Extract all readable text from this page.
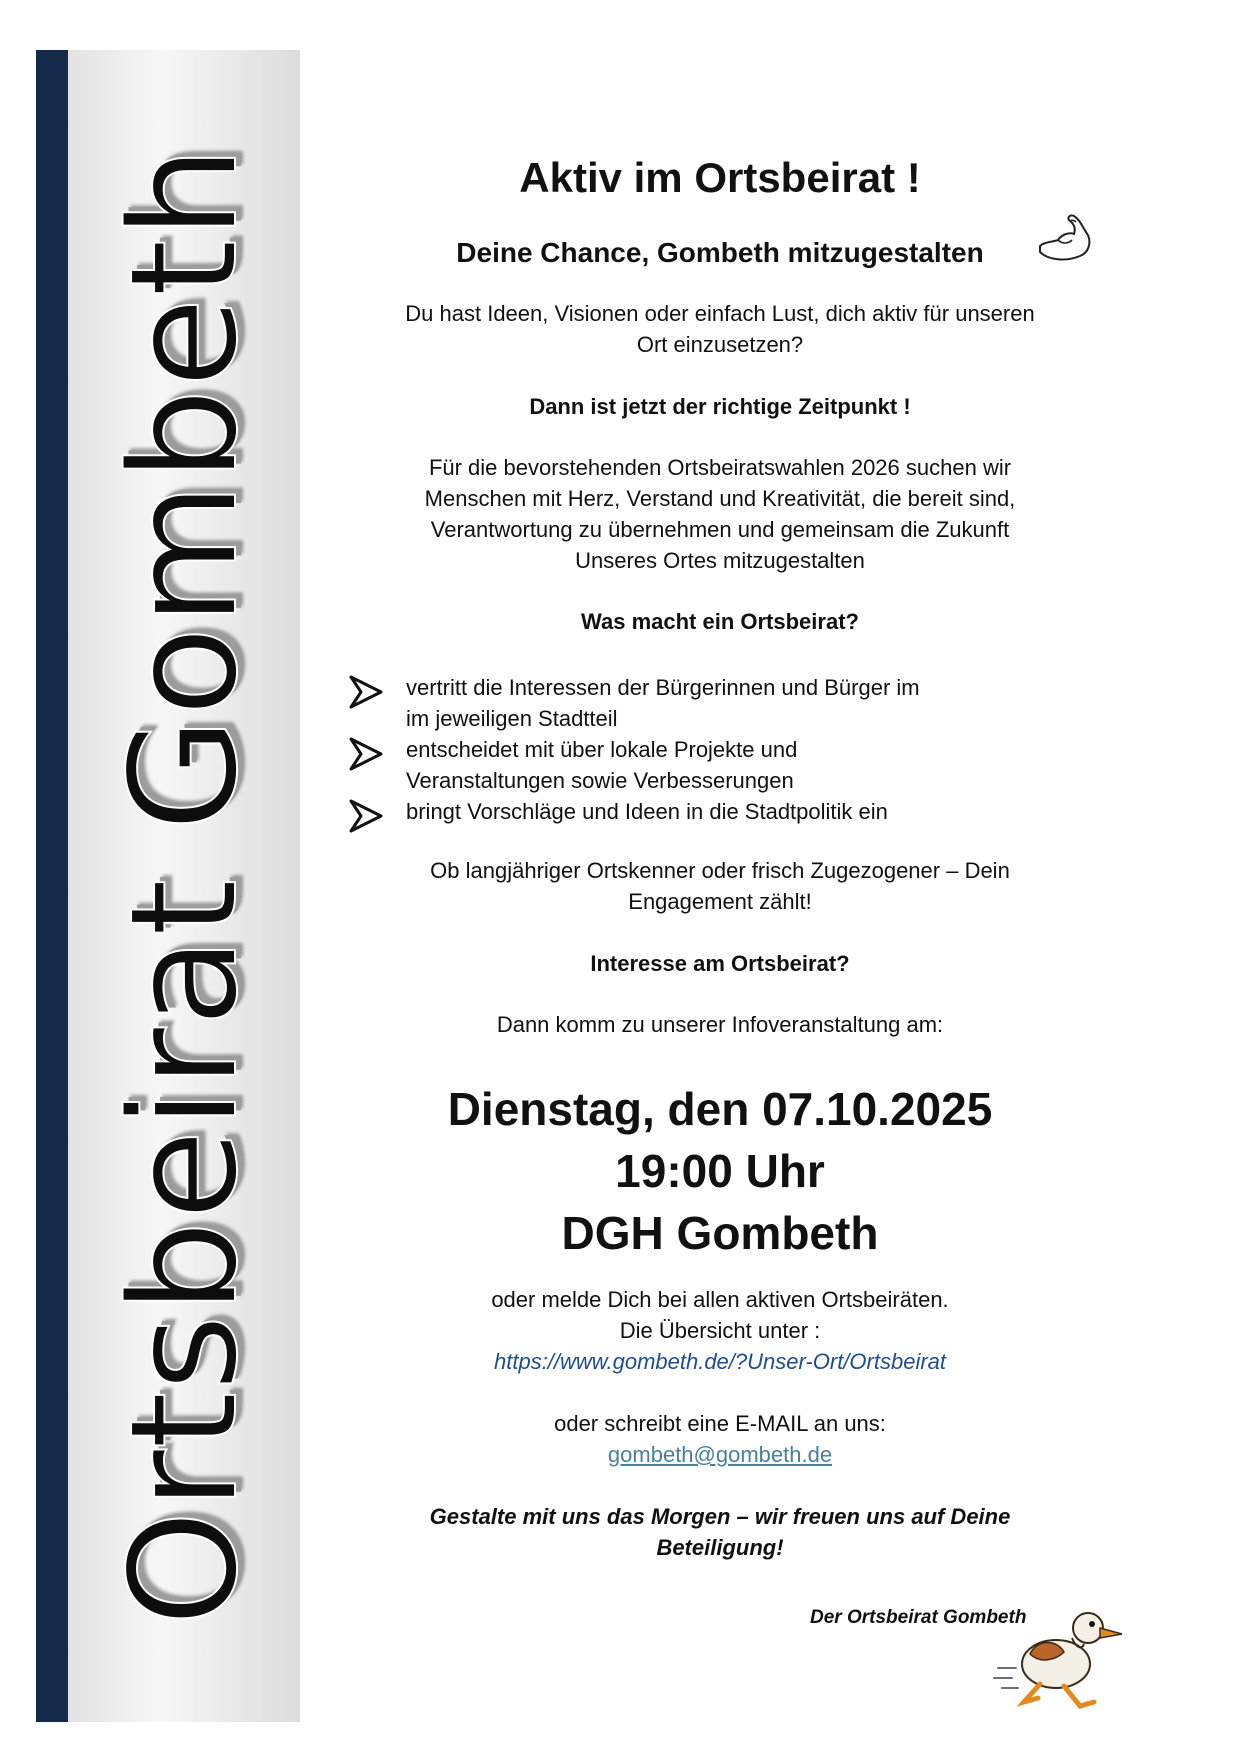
Ortsbeirat Gombeth	Aktiv im Ortsbeirat !
Deine Chance, Gombeth mitzugestalten
Du hast Ideen, Visionen oder einfach Lust, dich aktiv für unseren
Ort einzusetzen?
Dann ist jetzt der richtige Zeitpunkt !
Für die bevorstehenden Ortsbeiratswahlen 2026 suchen wir
Menschen mit Herz, Verstand und Kreativität, die bereit sind,
Verantwortung zu übernehmen und gemeinsam die Zukunft
Unseres Ortes mitzugestalten
Was macht ein Ortsbeirat?
vertritt die Interessen der Bürgerinnen und Bürger im
im jeweiligen Stadtteil
entscheidet mit über lokale Projekte und
Veranstaltungen sowie Verbesserungen
bringt Vorschläge und Ideen in die Stadtpolitik ein
Ob langjähriger Ortskenner oder frisch Zugezogener – Dein
Engagement zählt!
Interesse am Ortsbeirat?
Dann komm zu unserer Infoveranstaltung am:
Dienstag, den 07.10.2025
19:00 Uhr
DGH Gombeth
oder melde Dich bei allen aktiven Ortsbeiräten.
Die Übersicht unter :
https://www.gombeth.de/?Unser-Ort/Ortsbeirat
oder schreibt eine E-MAIL an uns:
gombeth@gombeth.de
Gestalte mit uns das Morgen – wir freuen uns auf Deine
Beteiligung!
Der Ortsbeirat Gombeth
